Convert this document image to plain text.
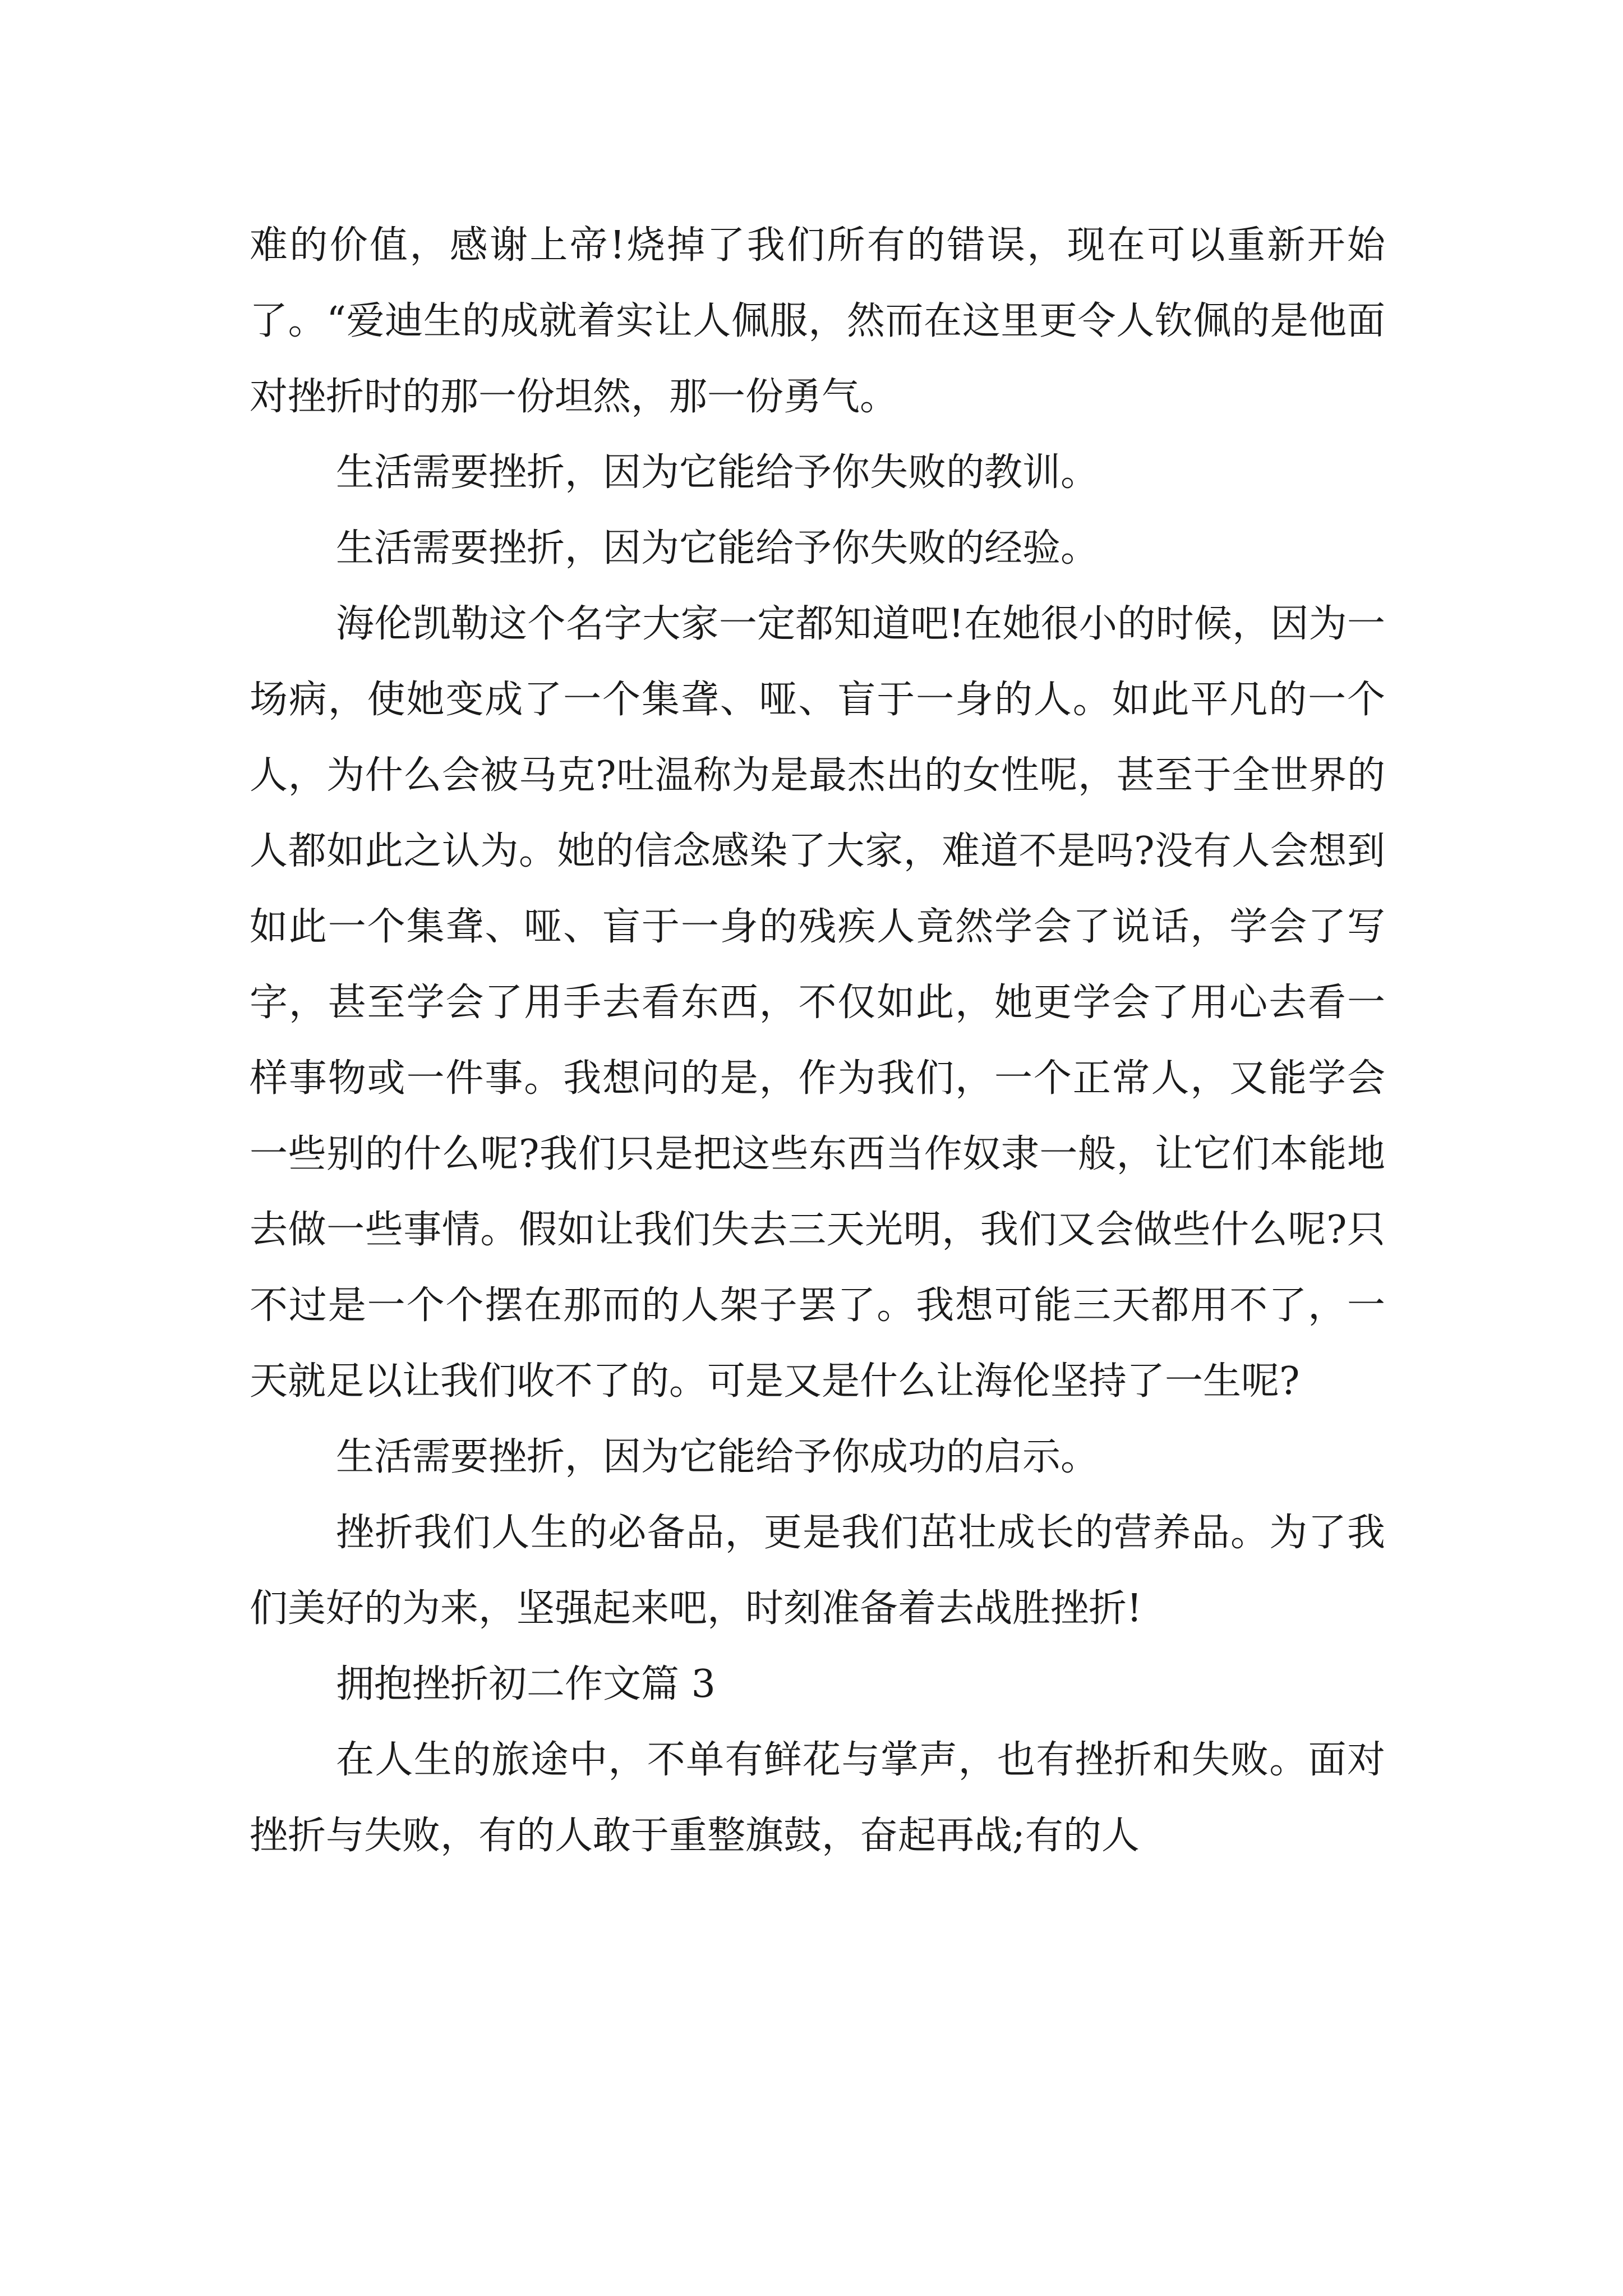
难的价值，感谢上帝!烧掉了我们所有的错误，现在可以重新开始了。“爱迪生的成就着实让人佩服，然而在这里更令人钦佩的是他面对挫折时的那一份坦然，那一份勇气。

生活需要挫折，因为它能给予你失败的教训。

生活需要挫折，因为它能给予你失败的经验。

海伦凯勒这个名字大家一定都知道吧!在她很小的时候，因为一场病，使她变成了一个集聋、哑、盲于一身的人。如此平凡的一个人，为什么会被马克?吐温称为是最杰出的女性呢，甚至于全世界的人都如此之认为。她的信念感染了大家，难道不是吗?没有人会想到如此一个集聋、哑、盲于一身的残疾人竟然学会了说话，学会了写字，甚至学会了用手去看东西，不仅如此，她更学会了用心去看一样事物或一件事。我想问的是，作为我们，一个正常人，又能学会一些别的什么呢?我们只是把这些东西当作奴隶一般，让它们本能地去做一些事情。假如让我们失去三天光明，我们又会做些什么呢?只不过是一个个摆在那而的人架子罢了。我想可能三天都用不了，一天就足以让我们收不了的。可是又是什么让海伦坚持了一生呢?

生活需要挫折，因为它能给予你成功的启示。

挫折我们人生的必备品，更是我们茁壮成长的营养品。为了我们美好的为来，坚强起来吧，时刻准备着去战胜挫折!

拥抱挫折初二作文篇 3

在人生的旅途中，不单有鲜花与掌声，也有挫折和失败。面对挫折与失败，有的人敢于重整旗鼓，奋起再战;有的人
